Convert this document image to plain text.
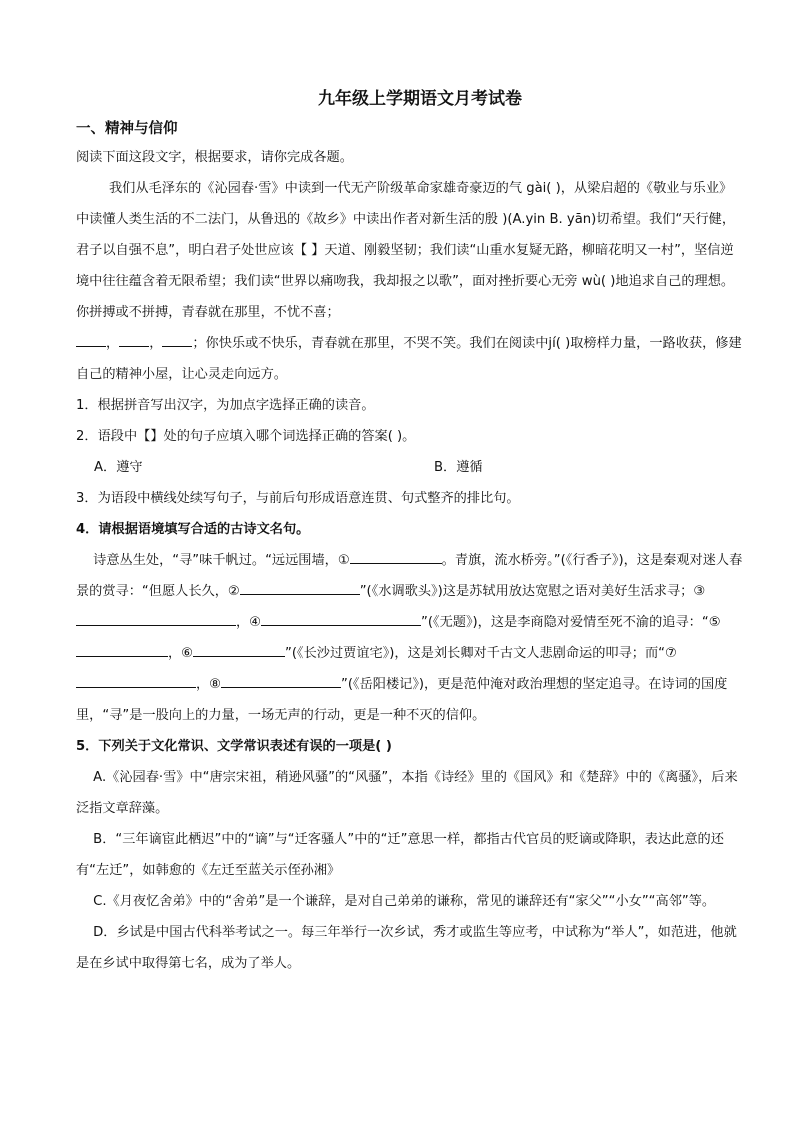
九年级上学期语文月考试卷
一、精神与信仰

阅读下面这段文字，根据要求，请你完成各题。

我们从毛泽东的《沁园春·雪》中读到一代无产阶级革命家雄奇豪迈的气 gài( )，从梁启超的《敬业与乐业》中读懂人类生活的不二法门，从鲁迅的《故乡》中读出作者对新生活的殷 )(A.yin B. yān)切希望。我们“天行健，君子以自强不息”，明白君子处世应该【 】天道、刚毅坚韧；我们读“山重水复疑无路，柳暗花明又一村”，坚信逆境中往往蕴含着无限希望；我们读“世界以痛吻我，我却报之以歌”，面对挫折要心无旁 wù( )地追求自己的理想。你拼搏或不拼搏，青春就在那里，不忧不喜；
， ， ；你快乐或不快乐，青春就在那里，不哭不笑。我们在阅读中jí( )取榜样力量，一路收获，修建自己的精神小屋，让心灵走向远方。

1．根据拼音写出汉字，为加点字选择正确的读音。

2．语段中【】处的句子应填入哪个词选择正确的答案( )。

A．遵守	B．遵循

3．为语段中横线处续写句子，与前后句形成语意连贯、句式整齐的排比句。

4．请根据语境填写合适的古诗文名句。

诗意丛生处，“寻”味千帆过。“远远围墙，①	。青旗，流水桥旁。”(《行香子》)，这是秦观对迷人春景的赏寻：“但愿人长久，②	”(《水调歌头》)这是苏轼用放达宽慰之语对美好生活求寻；③，④	”(《无题》)，这是李商隐对爱情至死不渝的追寻：“⑤，⑥	”(《长沙过贾谊宅》)，这是刘长卿对千古文人悲剧命运的叩寻；而“⑦，⑧	”(《岳阳楼记》)，更是范仲淹对政治理想的坚定追寻。在诗词的国度里，“寻”是一股向上的力量，一场无声的行动，更是一种不灭的信仰。

5．下列关于文化常识、文学常识表述有误的一项是( )

A.《沁园春·雪》中“唐宗宋祖，稍逊风骚”的“风骚”，本指《诗经》里的《国风》和《楚辞》中的《离骚》，后来泛指文章辞藻。

B．“三年谪宦此栖迟”中的“谪”与“迁客骚人”中的“迁”意思一样，都指古代官员的贬谪或降职，表达此意的还有“左迁”，如韩愈的《左迁至蓝关示侄孙湘》

C.《月夜忆舍弟》中的“舍弟”是一个谦辞，是对自己弟弟的谦称，常见的谦辞还有“家父”“小女”“高邻”等。

D．乡试是中国古代科举考试之一。每三年举行一次乡试，秀才或监生等应考，中试称为“举人”，如范进，他就是在乡试中取得第七名，成为了举人。
